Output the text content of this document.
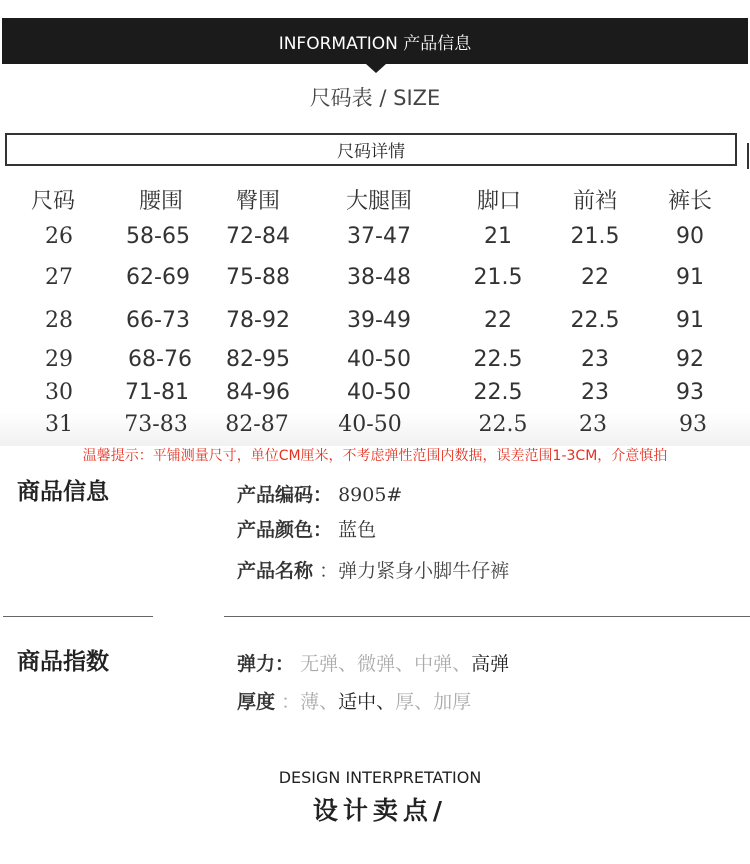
INFORMATION 产品信息
尺码表 / SIZE
尺码详情
尺码	腰围	臀围	大腿围	脚口	前裆	裤长
26	58-65	72-84	37-47	21	21.5	90
27	62-69	75-88	38-48	21.5	22	91
28	66-73	78-92	39-49	22	22.5	91
29	68-76	82-95	40-50	22.5	23	92
30	71-81	84-96	40-50	22.5	23	93
31	73-83	82-87	40-50	22.5	23	93
温馨提示：平铺测量尺寸，单位CM厘米，不考虑弹性范围内数据，误差范围1-3CM，介意慎拍
商品信息	产品编码： 8905#
产品颜色： 蓝色
产品名称 ：弹力紧身小脚牛仔裤
商品指数	弹力： 无弹、微弹、中弹、高弹
厚度 ：薄、适中、厚、加厚
DESIGN INTERPRETATION
设计卖点/
